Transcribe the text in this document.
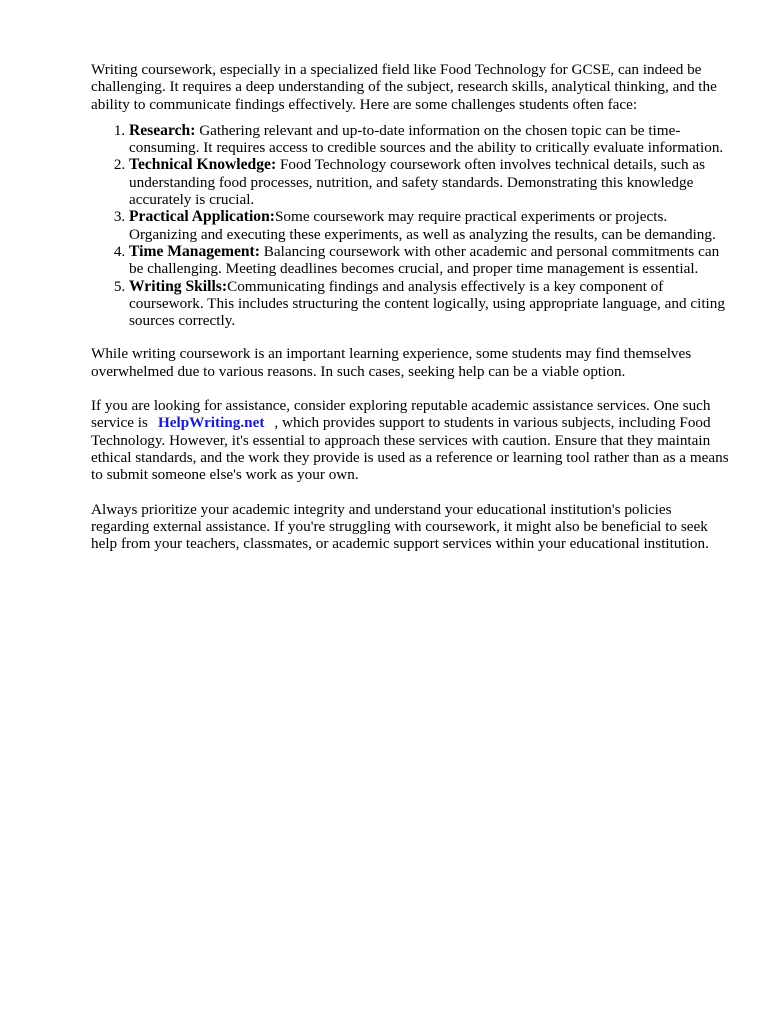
Writing coursework, especially in a specialized field like Food Technology for GCSE, can indeed be challenging. It requires a deep understanding of the subject, research skills, analytical thinking, and the ability to communicate findings effectively. Here are some challenges students often face:

1. Research: Gathering relevant and up-to-date information on the chosen topic can be time-consuming. It requires access to credible sources and the ability to critically evaluate information.
2. Technical Knowledge: Food Technology coursework often involves technical details, such as understanding food processes, nutrition, and safety standards. Demonstrating this knowledge accurately is crucial.
3. Practical Application:Some coursework may require practical experiments or projects. Organizing and executing these experiments, as well as analyzing the results, can be demanding.
4. Time Management: Balancing coursework with other academic and personal commitments can be challenging. Meeting deadlines becomes crucial, and proper time management is essential.
5. Writing Skills:Communicating findings and analysis effectively is a key component of coursework. This includes structuring the content logically, using appropriate language, and citing sources correctly.

While writing coursework is an important learning experience, some students may find themselves overwhelmed due to various reasons. In such cases, seeking help can be a viable option.

If you are looking for assistance, consider exploring reputable academic assistance services. One such service is HelpWriting.net , which provides support to students in various subjects, including Food Technology. However, it's essential to approach these services with caution. Ensure that they maintain ethical standards, and the work they provide is used as a reference or learning tool rather than as a means to submit someone else's work as your own.

Always prioritize your academic integrity and understand your educational institution's policies regarding external assistance. If you're struggling with coursework, it might also be beneficial to seek help from your teachers, classmates, or academic support services within your educational institution.
